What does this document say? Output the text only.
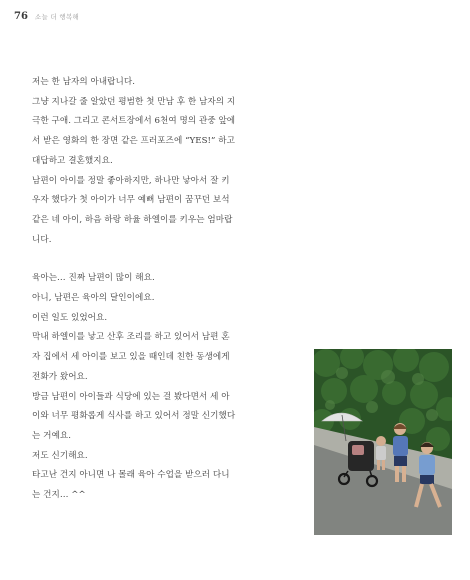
76 소늘 더 행복해
저는 한 남자의 아내랍니다.
그냥 지나갈 줄 알았던 평범한 첫 만남 후 한 남자의 지
극한 구애. 그리고 콘서트장에서 6천여 명의 관중 앞에
서 받은 영화의 한 장면 같은 프러포즈에 “YES!” 하고
대답하고 결혼했지요.
남편이 아이를 정말 좋아하지만, 하나만 낳아서 잘 키
우자 했다가 첫 아이가 너무 예뻐 남편이 꿈꾸던 보석
같은 네 아이, 하음 하랑 하율 하엘이를 키우는 엄마랍
니다.
육아는… 진짜 남편이 많이 해요.
아니, 남편은 육아의 달인이에요.
이런 일도 있었어요.
막내 하엘이를 낳고 산후 조리를 하고 있어서 남편 혼
자 집에서 세 아이를 보고 있을 때인데 친한 동생에게
전화가 왔어요.
방금 남편이 아이들과 식당에 있는 걸 봤다면서 세 아
이와 너무 평화롭게 식사를 하고 있어서 정말 신기했다
는 거예요.
저도 신기해요.
타고난 건지 아니면 나 몰래 육아 수업을 받으러 다니
는 건지… ^^
